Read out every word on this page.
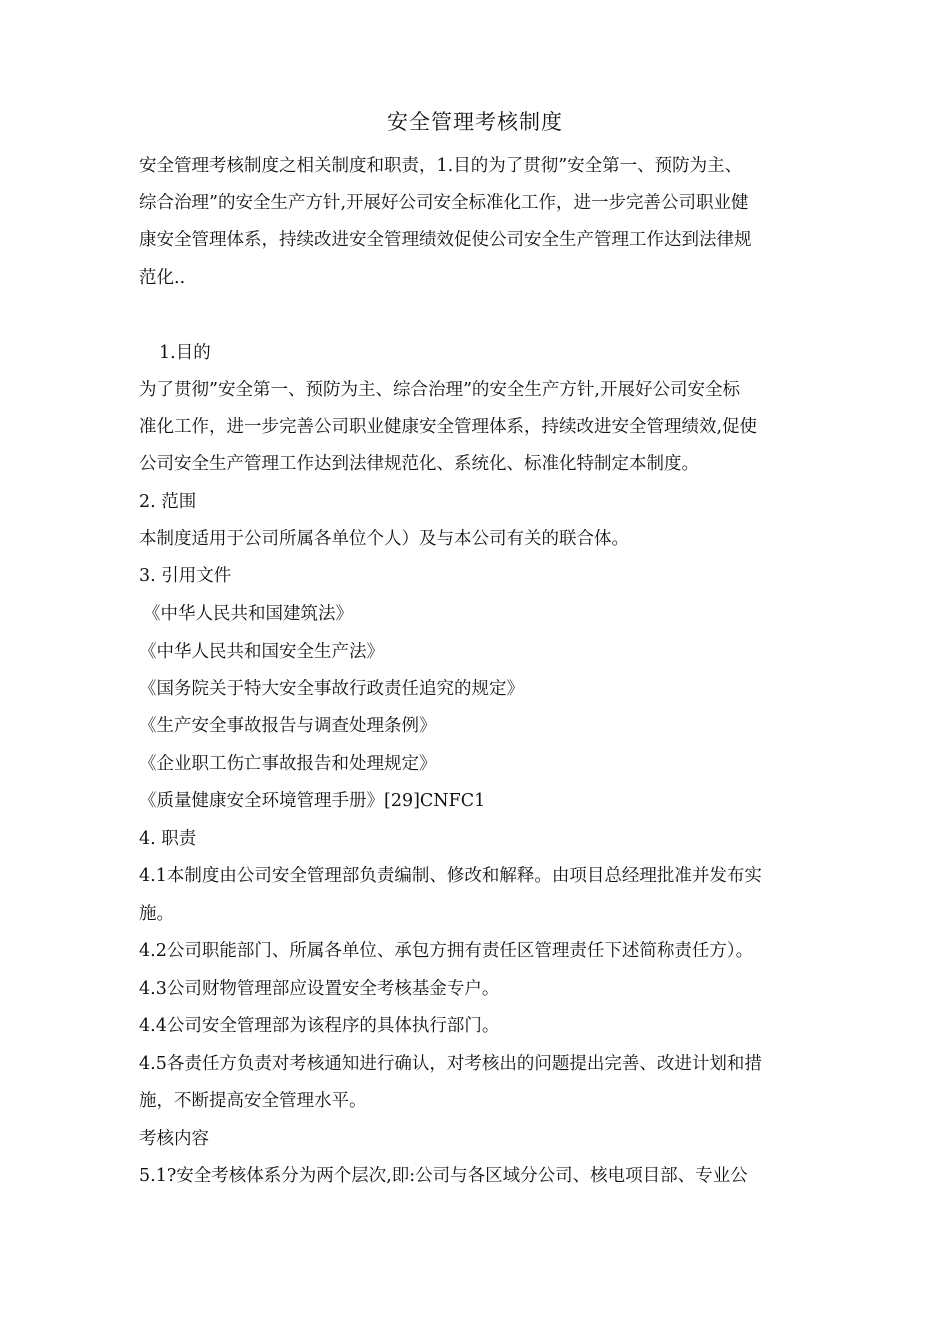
安全管理考核制度
安全管理考核制度之相关制度和职责，1.目的为了贯彻”安全第一、预防为主、
综合治理”的安全生产方针,开展好公司安全标准化工作，进一步完善公司职业健
康安全管理体系，持续改进安全管理绩效促使公司安全生产管理工作达到法律规
范化..
1.目的
为了贯彻”安全第一、预防为主、综合治理”的安全生产方针,开展好公司安全标
准化工作，进一步完善公司职业健康安全管理体系，持续改进安全管理绩效,促使
公司安全生产管理工作达到法律规范化、系统化、标准化特制定本制度。
2. 范围
本制度适用于公司所属各单位个人）及与本公司有关的联合体。
3. 引用文件
《中华人民共和国建筑法》
《中华人民共和国安全生产法》
《国务院关于特大安全事故行政责任追究的规定》
《生产安全事故报告与调查处理条例》
《企业职工伤亡事故报告和处理规定》
《质量健康安全环境管理手册》[29]CNFC1
4. 职责
4.1本制度由公司安全管理部负责编制、修改和解释。由项目总经理批准并发布实
施。
4.2公司职能部门、所属各单位、承包方拥有责任区管理责任下述简称责任方）。
4.3公司财物管理部应设置安全考核基金专户。
4.4公司安全管理部为该程序的具体执行部门。
4.5各责任方负责对考核通知进行确认，对考核出的问题提出完善、改进计划和措
施，不断提高安全管理水平。
考核内容
5.1?安全考核体系分为两个层次,即:公司与各区域分公司、核电项目部、专业公
